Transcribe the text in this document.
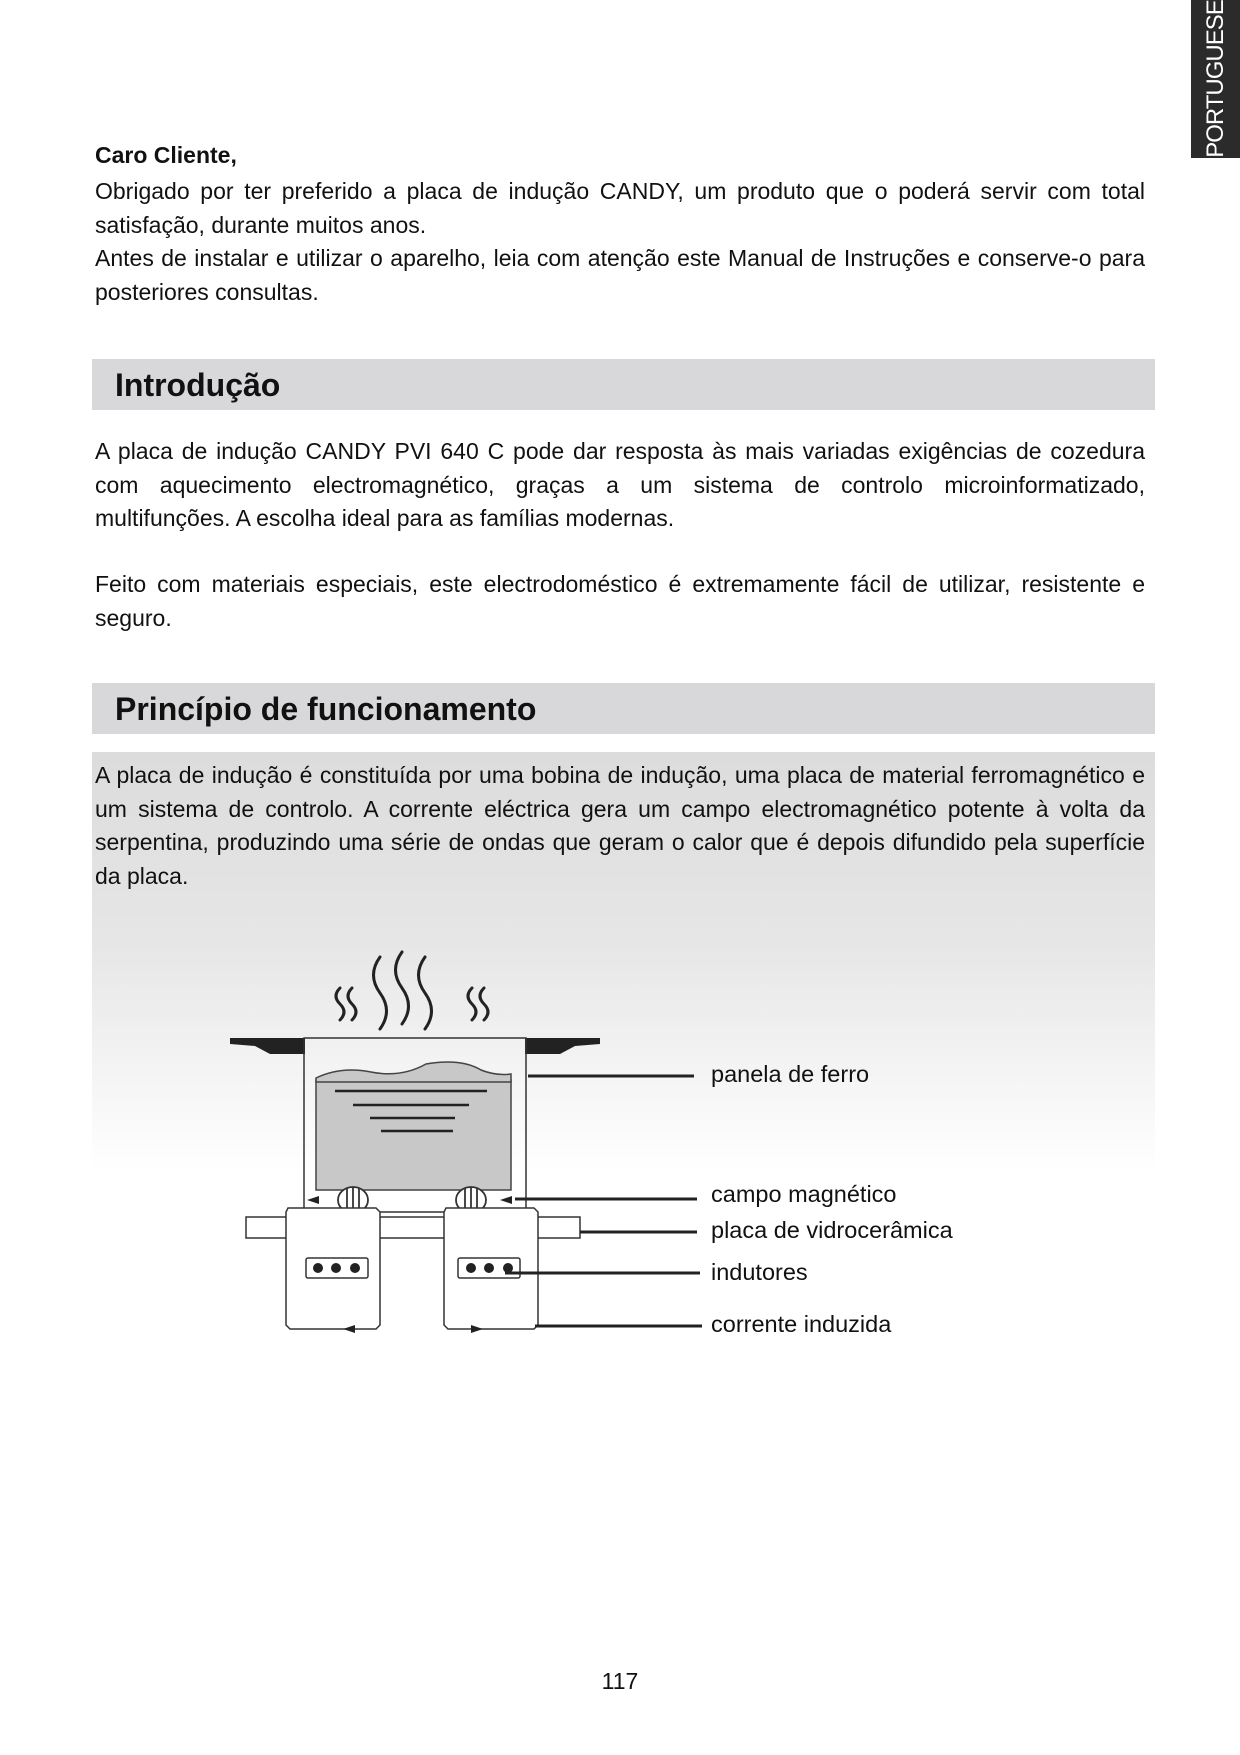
PORTUGUESE

Caro Cliente,

Obrigado por ter preferido a placa de indução CANDY, um produto que o poderá servir com total satisfação, durante muitos anos.

Antes de instalar e utilizar o aparelho, leia com atenção este Manual de Instruções e conserve-o para posteriores consultas.

Introdução

A placa de indução CANDY PVI 640 C pode dar resposta às mais variadas exigências de cozedura com aquecimento electromagnético, graças a um sistema de controlo microinformatizado, multifunções. A escolha ideal para as famílias modernas.

Feito com materiais especiais, este electrodoméstico é extremamente fácil de utilizar, resistente e seguro.

Princípio de funcionamento

A placa de indução é constituída por uma bobina de indução, uma placa de material ferromagnético e um sistema de controlo. A corrente eléctrica gera um campo electromagnético potente à volta da serpentina, produzindo uma série de ondas que geram o calor que é depois difundido pela superfície da placa.

panela de ferro
campo magnético
placa de vidrocerâmica
indutores
corrente induzida
117
